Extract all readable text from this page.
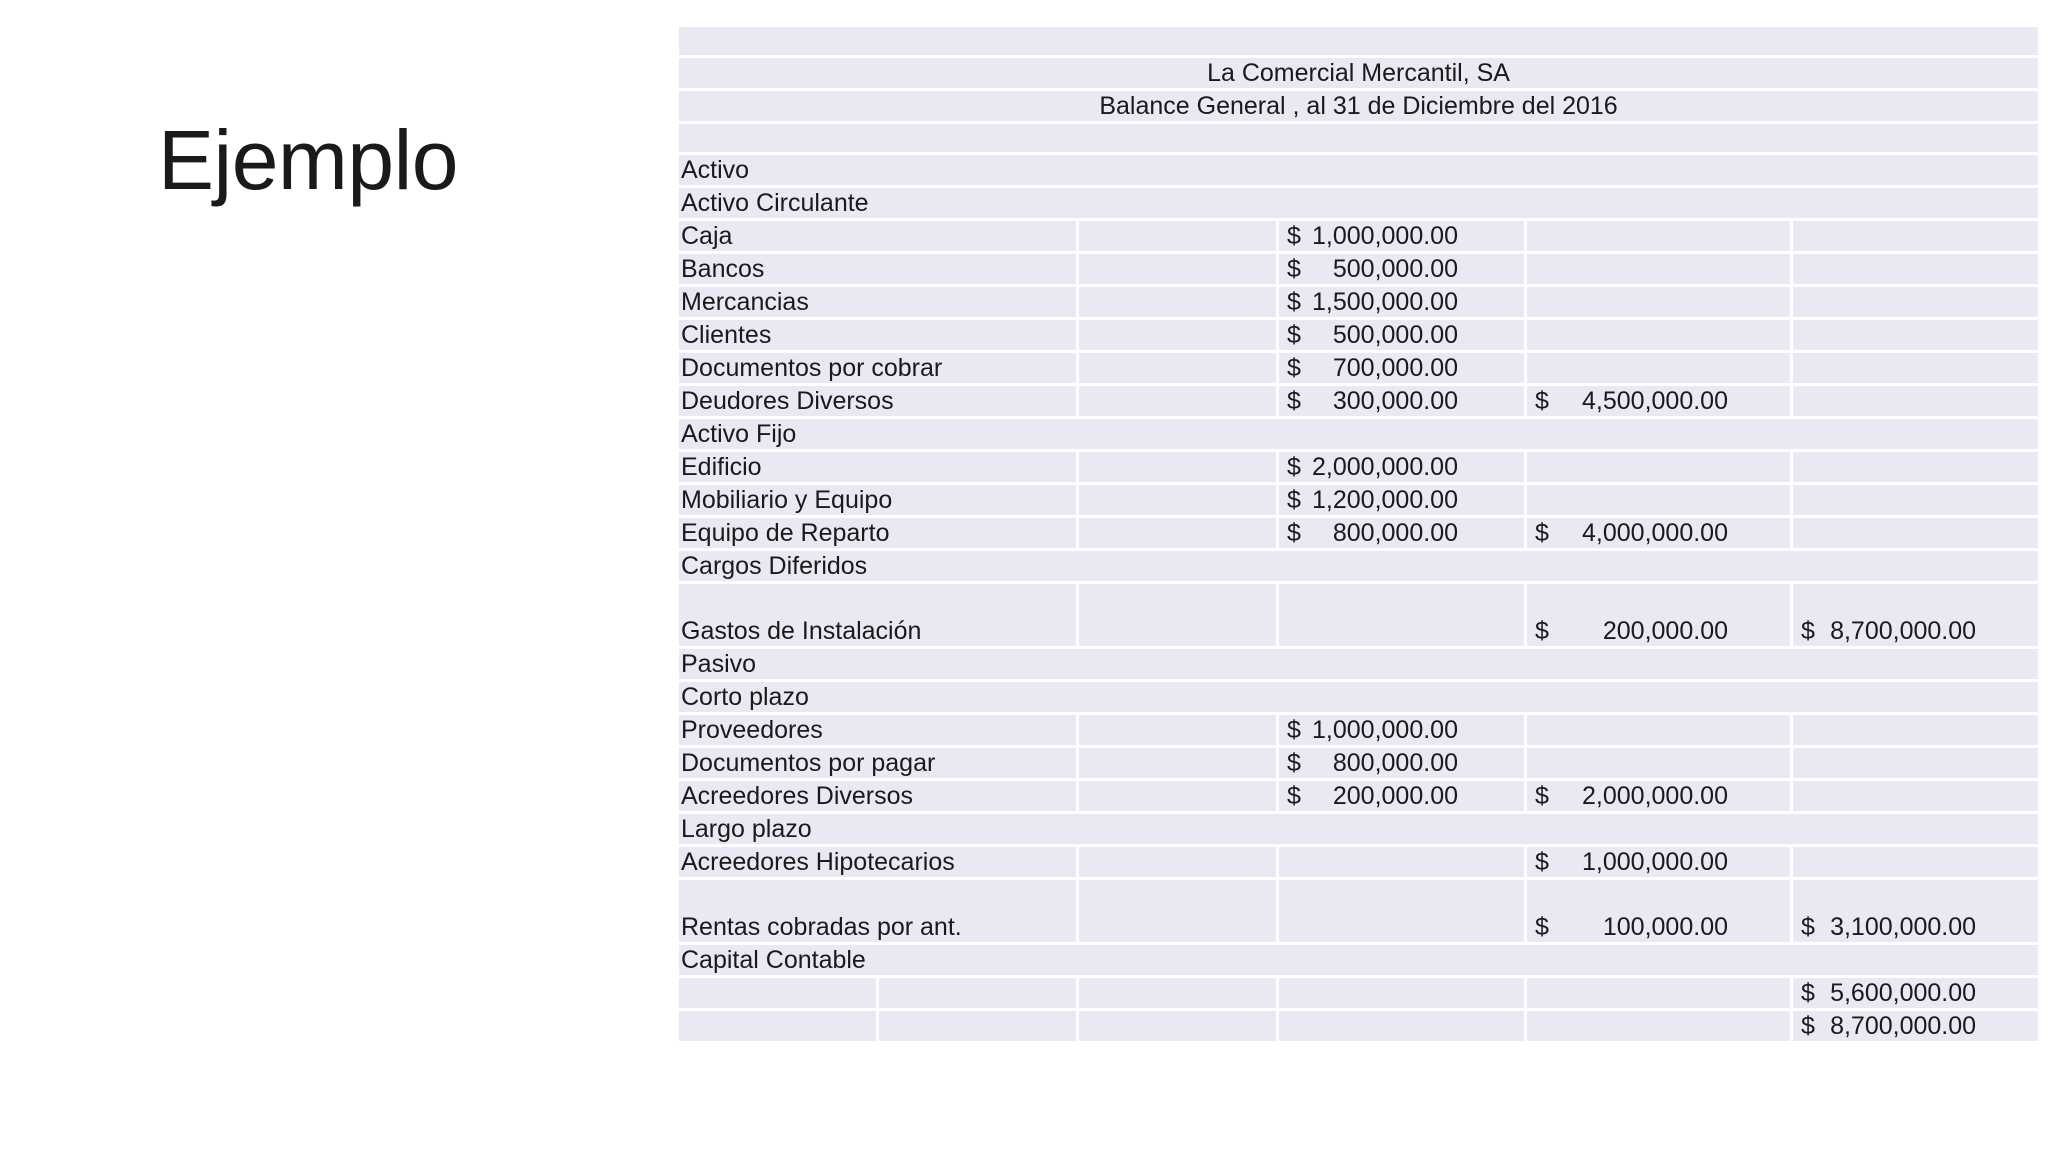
Ejemplo

La Comercial Mercantil, SA					
Balance General , al 31 de Diciembre del 2016					

Activo					
Activo Circulante					
Caja			$ 1,000,000.00		

Bancos			$ 500,000.00		

Mercancias			$ 1,500,000.00		

Clientes			$ 500,000.00		

Documentos por cobrar			$ 700,000.00		

Deudores Diversos			$ 300,000.00	$ 4,500,000.00	

Activo Fijo					
Edificio			$ 2,000,000.00		

Mobiliario y Equipo			$ 1,200,000.00		

Equipo de Reparto			$ 800,000.00	$ 4,000,000.00	

Cargos Diferidos					
Gastos de Instalación				$ 200,000.00	$ 8,700,000.00

Pasivo					
Corto plazo					
Proveedores			$ 1,000,000.00		

Documentos por pagar			$ 800,000.00		

Acreedores Diversos			$ 200,000.00	$ 2,000,000.00	

Largo plazo					
Acreedores Hipotecarios				$ 1,000,000.00	

Rentas cobradas por ant.				$ 100,000.00	$ 3,100,000.00

Capital Contable					

					$ 5,600,000.00

					$ 8,700,000.00
